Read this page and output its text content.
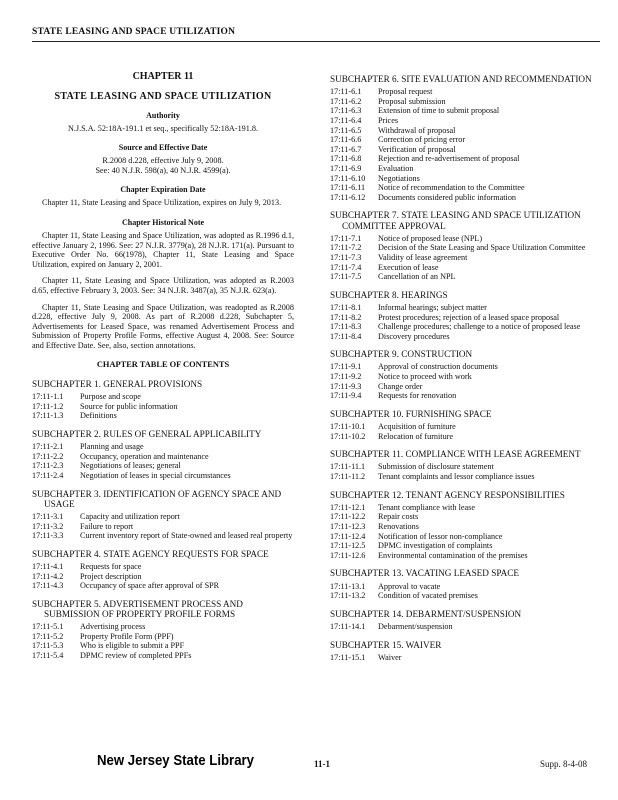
STATE LEASING AND SPACE UTILIZATION
CHAPTER 11
STATE LEASING AND SPACE UTILIZATION
Authority
N.J.S.A. 52:18A-191.1 et seq., specifically 52:18A-191.8.
Source and Effective Date
R.2008 d.228, effective July 9, 2008.
See: 40 N.J.R. 598(a), 40 N.J.R. 4599(a).
Chapter Expiration Date
Chapter 11, State Leasing and Space Utilization, expires on July 9, 2013.
Chapter Historical Note
Chapter 11, State Leasing and Space Utilization, was adopted as R.1996 d.1, effective January 2, 1996. See: 27 N.J.R. 3779(a), 28 N.J.R. 171(a). Pursuant to Executive Order No. 66(1978), Chapter 11, State Leasing and Space Utilization, expired on January 2, 2001.
Chapter 11, State Leasing and Space Utilization, was adopted as R.2003 d.65, effective February 3, 2003. See: 34 N.J.R. 3487(a), 35 N.J.R. 623(a).
Chapter 11, State Leasing and Space Utilization, was readopted as R.2008 d.228, effective July 9, 2008. As part of R.2008 d.228, Subchapter 5, Advertisements for Leased Space, was renamed Advertisement Process and Submission of Property Profile Forms, effective August 4, 2008. See: Source and Effective Date. See, also, section annotations.
CHAPTER TABLE OF CONTENTS
SUBCHAPTER 1. GENERAL PROVISIONS
17:11-1.1	Purpose and scope
17:11-1.2	Source for public information
17:11-1.3	Definitions
SUBCHAPTER 2. RULES OF GENERAL APPLICABILITY
17:11-2.1	Planning and usage
17:11-2.2	Occupancy, operation and maintenance
17:11-2.3	Negotiations of leases; general
17:11-2.4	Negotiation of leases in special circumstances
SUBCHAPTER 3. IDENTIFICATION OF AGENCY SPACE AND USAGE
17:11-3.1	Capacity and utilization report
17:11-3.2	Failure to report
17:11-3.3	Current inventory report of State-owned and leased real property
SUBCHAPTER 4. STATE AGENCY REQUESTS FOR SPACE
17:11-4.1	Requests for space
17:11-4.2	Project description
17:11-4.3	Occupancy of space after approval of SPR
SUBCHAPTER 5. ADVERTISEMENT PROCESS AND SUBMISSION OF PROPERTY PROFILE FORMS
17:11-5.1	Advertising process
17:11-5.2	Property Profile Form (PPF)
17:11-5.3	Who is eligible to submit a PPF
17:11-5.4	DPMC review of completed PPFs
SUBCHAPTER 6. SITE EVALUATION AND RECOMMENDATION
17:11-6.1	Proposal request
17:11-6.2	Proposal submission
17:11-6.3	Extension of time to submit proposal
17:11-6.4	Prices
17:11-6.5	Withdrawal of proposal
17:11-6.6	Correction of pricing error
17:11-6.7	Verification of proposal
17:11-6.8	Rejection and re-advertisement of proposal
17:11-6.9	Evaluation
17:11-6.10	Negotiations
17:11-6.11	Notice of recommendation to the Committee
17:11-6.12	Documents considered public information
SUBCHAPTER 7. STATE LEASING AND SPACE UTILIZATION COMMITTEE APPROVAL
17:11-7.1	Notice of proposed lease (NPL)
17:11-7.2	Decision of the State Leasing and Space Utilization Committee
17:11-7.3	Validity of lease agreement
17:11-7.4	Execution of lease
17:11-7.5	Cancellation of an NPL
SUBCHAPTER 8. HEARINGS
17:11-8.1	Informal hearings; subject matter
17:11-8.2	Protest procedures; rejection of a leased space proposal
17:11-8.3	Challenge procedures; challenge to a notice of proposed lease
17:11-8.4	Discovery procedures
SUBCHAPTER 9. CONSTRUCTION
17:11-9.1	Approval of construction documents
17:11-9.2	Notice to proceed with work
17:11-9.3	Change order
17:11-9.4	Requests for renovation
SUBCHAPTER 10. FURNISHING SPACE
17:11-10.1	Acquisition of furniture
17:11-10.2	Relocation of furniture
SUBCHAPTER 11. COMPLIANCE WITH LEASE AGREEMENT
17:11-11.1	Submission of disclosure statement
17:11-11.2	Tenant complaints and lessor compliance issues
SUBCHAPTER 12. TENANT AGENCY RESPONSIBILITIES
17:11-12.1	Tenant compliance with lease
17:11-12.2	Repair costs
17:11-12.3	Renovations
17:11-12.4	Notification of lessor non-compliance
17:11-12.5	DPMC investigation of complaints
17:11-12.6	Environmental contamination of the premises
SUBCHAPTER 13. VACATING LEASED SPACE
17:11-13.1	Approval to vacate
17:11-13.2	Condition of vacated premises
SUBCHAPTER 14. DEBARMENT/SUSPENSION
17:11-14.1	Debarment/suspension
SUBCHAPTER 15. WAIVER
17:11-15.1	Waiver
New Jersey State Library	11-1	Supp. 8-4-08
